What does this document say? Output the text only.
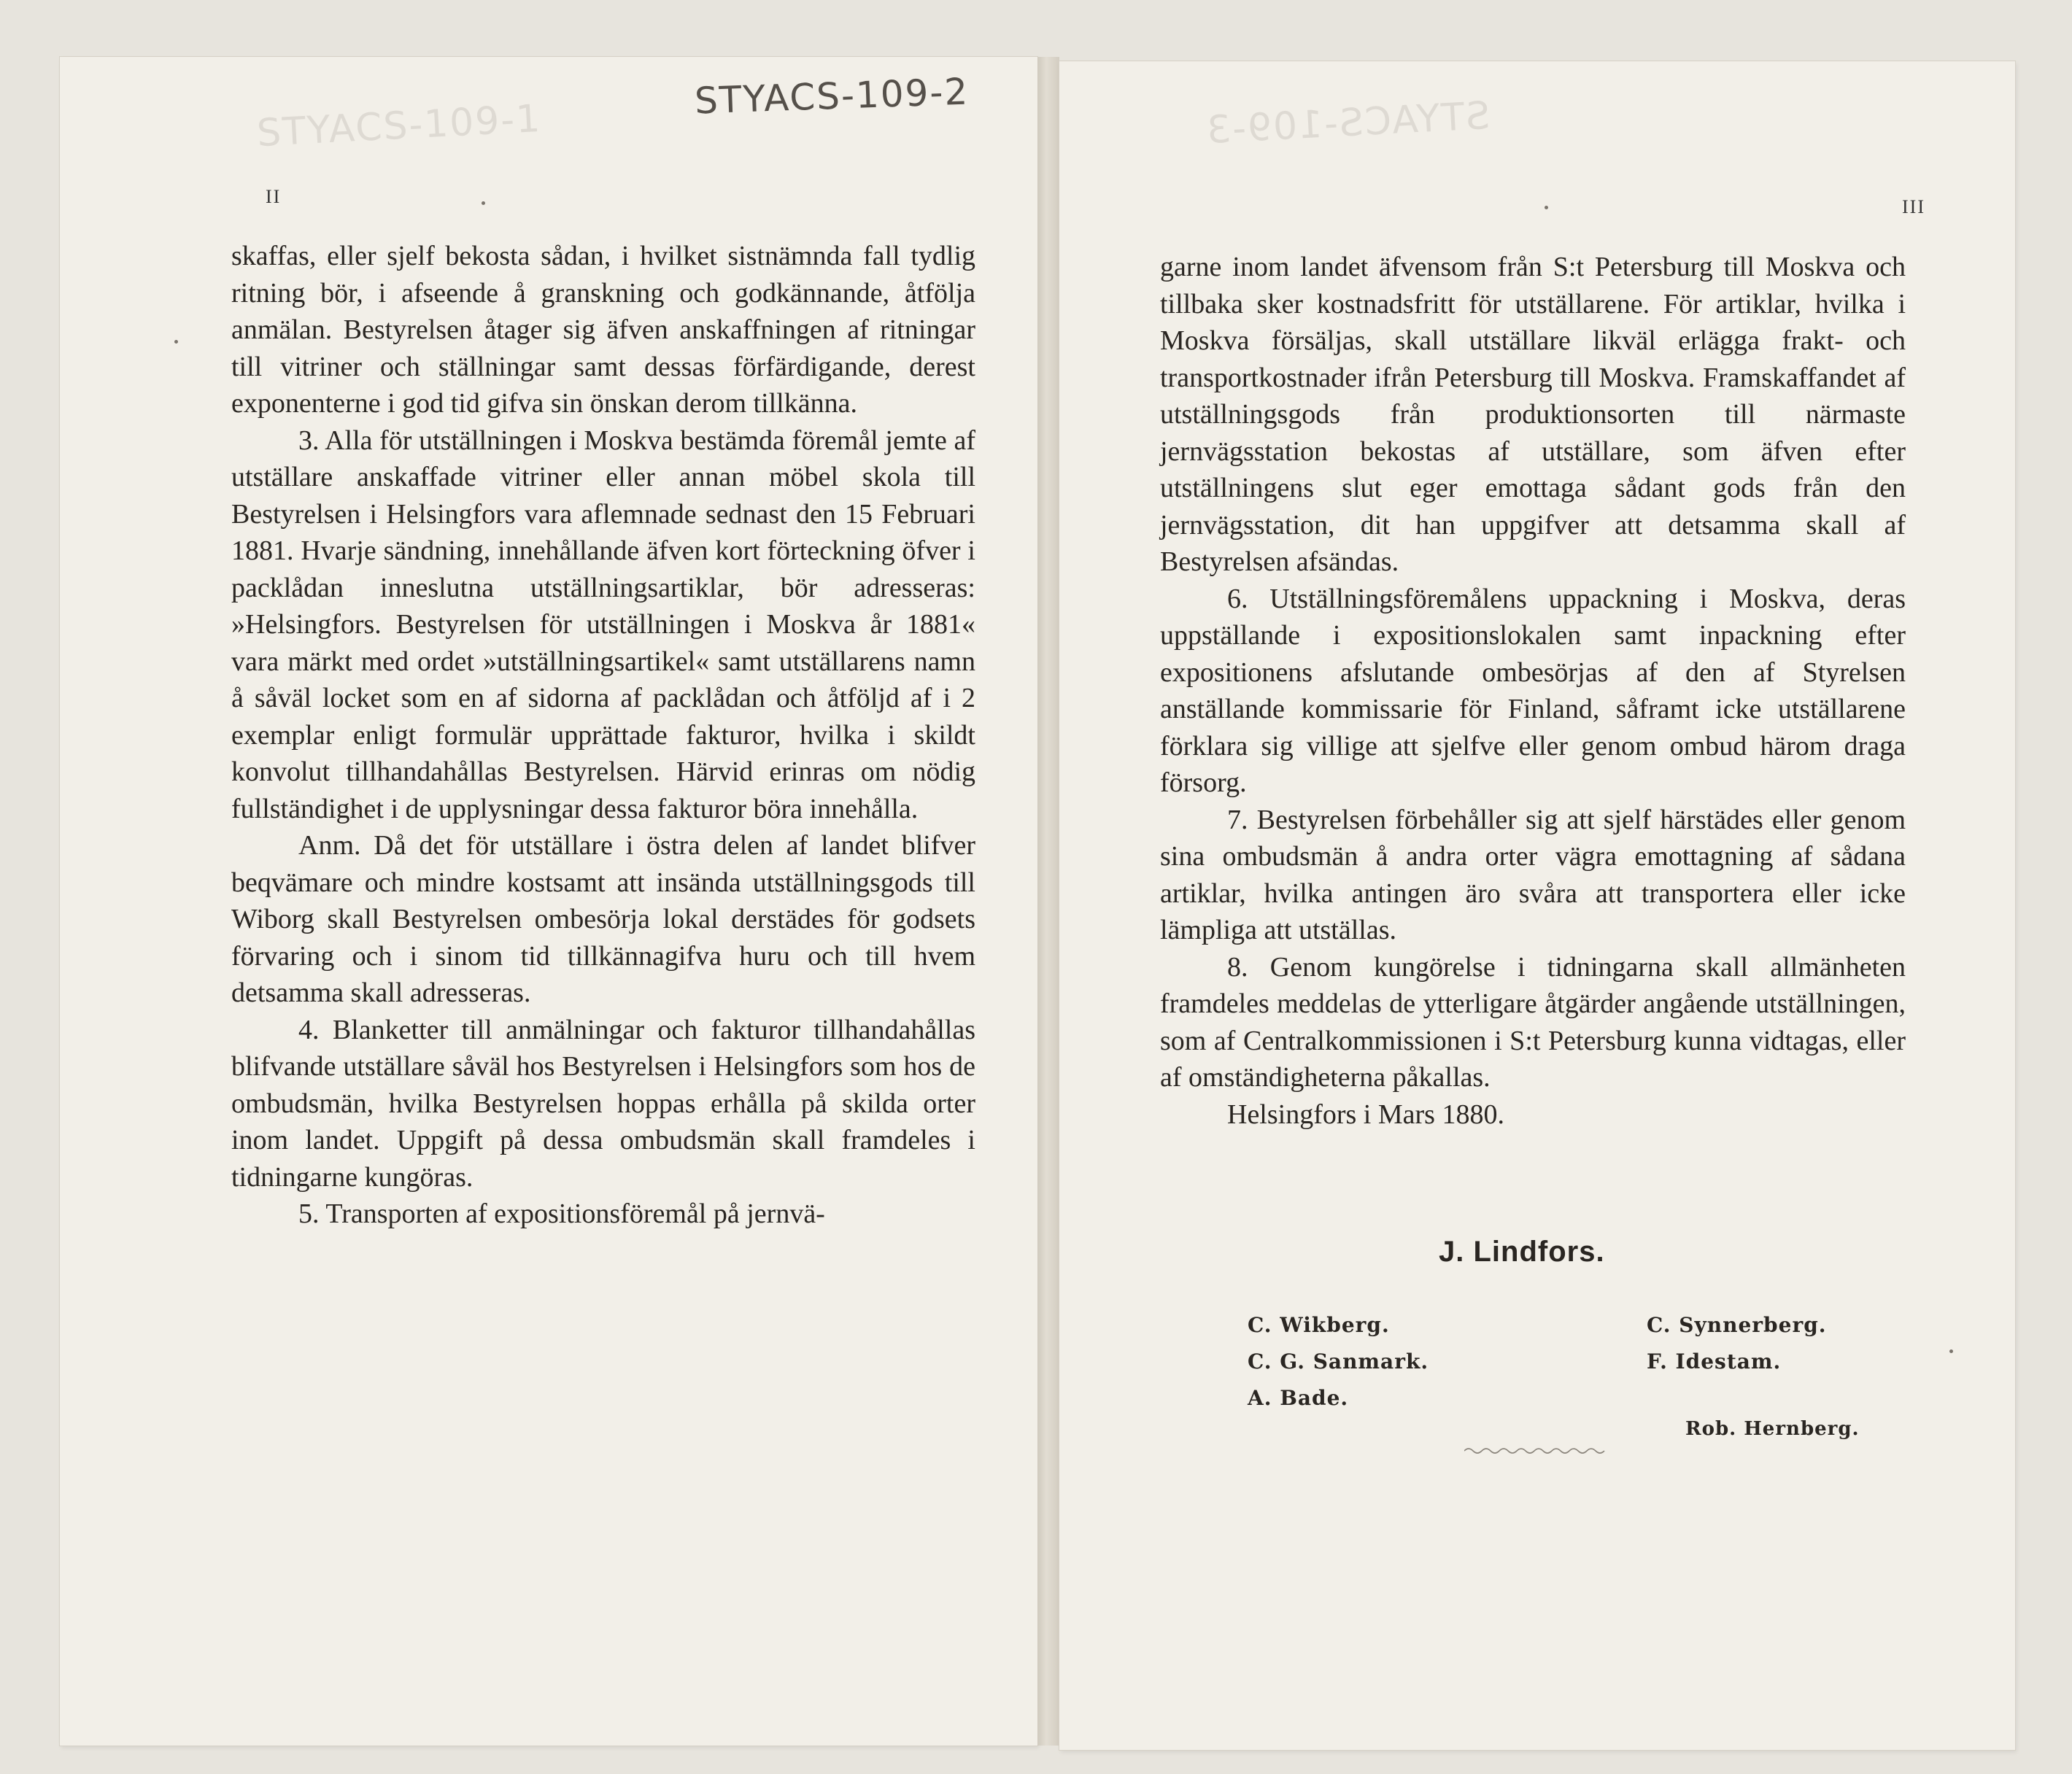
STYACS-109-1
STYACS-109-2
II

skaffas, eller sjelf bekosta sådan, i hvilket sistnämnda fall tydlig ritning bör, i afseende å granskning och godkännande, åtfölja anmälan. Bestyrelsen åtager sig äfven anskaffningen af ritningar till vitriner och ställningar samt dessas förfärdigande, derest exponenterne i god tid gifva sin önskan derom tillkänna.

3. Alla för utställningen i Moskva bestämda föremål jemte af utställare anskaffade vitriner eller annan möbel skola till Bestyrelsen i Helsingfors vara aflemnade sednast den 15 Februari 1881. Hvarje sändning, innehållande äfven kort förteckning öfver i packlådan inneslutna utställningsartiklar, bör adresseras: »Helsingfors. Bestyrelsen för utställningen i Moskva år 1881« vara märkt med ordet »utställningsartikel« samt utställarens namn å såväl locket som en af sidorna af packlådan och åtföljd af i 2 exemplar enligt formulär upprättade fakturor, hvilka i skildt konvolut tillhandahållas Bestyrelsen. Härvid erinras om nödig fullständighet i de upplysningar dessa fakturor böra innehålla.

Anm. Då det för utställare i östra delen af landet blifver beqvämare och mindre kostsamt att insända utställningsgods till Wiborg skall Bestyrelsen ombesörja lokal derstädes för godsets förvaring och i sinom tid tillkännagifva huru och till hvem detsamma skall adresseras.

4. Blanketter till anmälningar och fakturor tillhandahållas blifvande utställare såväl hos Bestyrelsen i Helsingfors som hos de ombudsmän, hvilka Bestyrelsen hoppas erhålla på skilda orter inom landet. Uppgift på dessa ombudsmän skall framdeles i tidningarne kungöras.

5. Transporten af expositionsföremål på jernvä-

STYACS-109-3
III

garne inom landet äfvensom från S:t Petersburg till Moskva och tillbaka sker kostnadsfritt för utställarene. För artiklar, hvilka i Moskva försäljas, skall utställare likväl erlägga frakt- och transportkostnader ifrån Petersburg till Moskva. Framskaffandet af utställningsgods från produktionsorten till närmaste jernvägsstation bekostas af utställare, som äfven efter utställningens slut eger emottaga sådant gods från den jernvägsstation, dit han uppgifver att detsamma skall af Bestyrelsen afsändas.

6. Utställningsföremålens uppackning i Moskva, deras uppställande i expositionslokalen samt inpackning efter expositionens afslutande ombesörjas af den af Styrelsen anställande kommissarie för Finland, såframt icke utställarene förklara sig villige att sjelfve eller genom ombud härom draga försorg.

7. Bestyrelsen förbehåller sig att sjelf härstädes eller genom sina ombudsmän å andra orter vägra emottagning af sådana artiklar, hvilka antingen äro svåra att transportera eller icke lämpliga att utställas.

8. Genom kungörelse i tidningarna skall allmänheten framdeles meddelas de ytterligare åtgärder angående utställningen, som af Centralkommissionen i S:t Petersburg kunna vidtagas, eller af omständigheterna påkallas.

Helsingfors i Mars 1880.

J. Lindfors.
C. Wikberg.
C. G. Sanmark.
A. Bade.
C. Synnerberg.
F. Idestam.
Rob. Hernberg.
